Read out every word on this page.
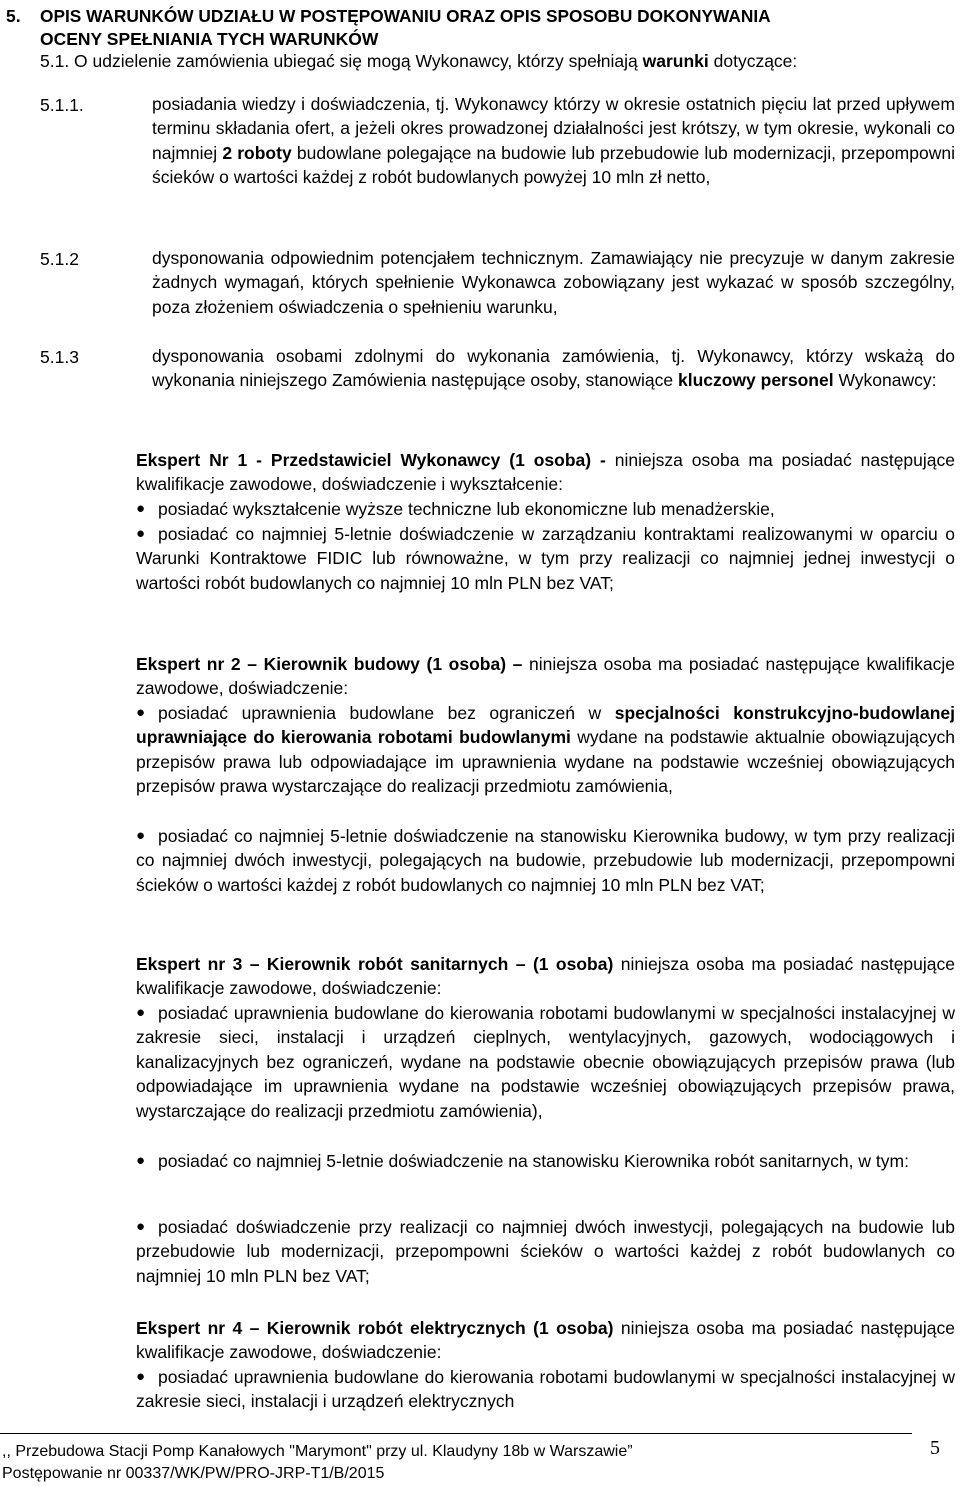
5. OPIS WARUNKÓW UDZIAŁU W POSTĘPOWANIU ORAZ OPIS SPOSOBU DOKONYWANIA
OCENY SPEŁNIANIA TYCH WARUNKÓW
5.1. O udzielenie zamówienia ubiegać się mogą Wykonawcy, którzy spełniają warunki dotyczące:
5.1.1.	posiadania wiedzy i doświadczenia, tj. Wykonawcy którzy w okresie ostatnich pięciu lat przed upływem terminu składania ofert, a jeżeli okres prowadzonej działalności jest krótszy, w tym okresie, wykonali co najmniej 2 roboty budowlane polegające na budowie lub przebudowie lub modernizacji, przepompowni ścieków o wartości każdej z robót budowlanych powyżej 10 mln zł netto,
5.1.2	dysponowania odpowiednim potencjałem technicznym. Zamawiający nie precyzuje w danym zakresie żadnych wymagań, których spełnienie Wykonawca zobowiązany jest wykazać w sposób szczególny, poza złożeniem oświadczenia o spełnieniu warunku,
5.1.3	dysponowania osobami zdolnymi do wykonania zamówienia, tj. Wykonawcy, którzy wskażą do wykonania niniejszego Zamówienia następujące osoby, stanowiące kluczowy personel Wykonawcy:
Ekspert Nr 1 - Przedstawiciel Wykonawcy (1 osoba) - niniejsza osoba ma posiadać następujące kwalifikacje zawodowe, doświadczenie i wykształcenie:
● posiadać wykształcenie wyższe techniczne lub ekonomiczne lub menadżerskie,
● posiadać co najmniej 5-letnie doświadczenie w zarządzaniu kontraktami realizowanymi w oparciu o Warunki Kontraktowe FIDIC lub równoważne, w tym przy realizacji co najmniej jednej inwestycji o wartości robót budowlanych co najmniej 10 mln PLN bez VAT;
Ekspert nr 2 – Kierownik budowy (1 osoba) – niniejsza osoba ma posiadać następujące kwalifikacje zawodowe, doświadczenie:
● posiadać uprawnienia budowlane bez ograniczeń w specjalności konstrukcyjno-budowlanej uprawniające do kierowania robotami budowlanymi wydane na podstawie aktualnie obowiązujących przepisów prawa lub odpowiadające im uprawnienia wydane na podstawie wcześniej obowiązujących przepisów prawa wystarczające do realizacji przedmiotu zamówienia,
● posiadać co najmniej 5-letnie doświadczenie na stanowisku Kierownika budowy, w tym przy realizacji co najmniej dwóch inwestycji, polegających na budowie, przebudowie lub modernizacji, przepompowni ścieków o wartości każdej z robót budowlanych co najmniej 10 mln PLN bez VAT;
Ekspert nr 3 – Kierownik robót sanitarnych – (1 osoba) niniejsza osoba ma posiadać następujące kwalifikacje zawodowe, doświadczenie:
● posiadać uprawnienia budowlane do kierowania robotami budowlanymi w specjalności instalacyjnej w zakresie sieci, instalacji i urządzeń cieplnych, wentylacyjnych, gazowych, wodociągowych i kanalizacyjnych bez ograniczeń, wydane na podstawie obecnie obowiązujących przepisów prawa (lub odpowiadające im uprawnienia wydane na podstawie wcześniej obowiązujących przepisów prawa, wystarczające do realizacji przedmiotu zamówienia),
● posiadać co najmniej 5-letnie doświadczenie na stanowisku Kierownika robót sanitarnych, w tym:
● posiadać doświadczenie przy realizacji co najmniej dwóch inwestycji, polegających na budowie lub przebudowie lub modernizacji, przepompowni ścieków o wartości każdej z robót budowlanych co najmniej 10 mln PLN bez VAT;
Ekspert nr 4 – Kierownik robót elektrycznych (1 osoba) niniejsza osoba ma posiadać następujące kwalifikacje zawodowe, doświadczenie:
● posiadać uprawnienia budowlane do kierowania robotami budowlanymi w specjalności instalacyjnej w zakresie sieci, instalacji i urządzeń elektrycznych
,, Przebudowa Stacji Pomp Kanałowych "Marymont" przy ul. Klaudyny 18b w Warszawie”
Postępowanie nr 00337/WK/PW/PRO-JRP-T1/B/2015
5
